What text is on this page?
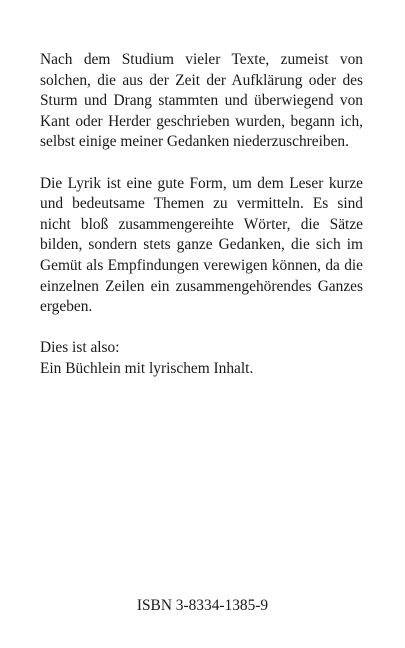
Nach dem Studium vieler Texte, zumeist von solchen, die aus der Zeit der Aufklärung oder des Sturm und Drang stammten und überwiegend von Kant oder Herder geschrieben wurden, begann ich, selbst einige meiner Gedanken niederzuschreiben.

Die Lyrik ist eine gute Form, um dem Leser kurze und bedeutsame Themen zu vermitteln. Es sind nicht bloß zusammengereihte Wörter, die Sätze bilden, sondern stets ganze Gedanken, die sich im Gemüt als Empfindungen verewigen können, da die einzelnen Zeilen ein zusammengehörendes Ganzes ergeben.

Dies ist also:
Ein Büchlein mit lyrischem Inhalt.

ISBN 3-8334-1385-9
